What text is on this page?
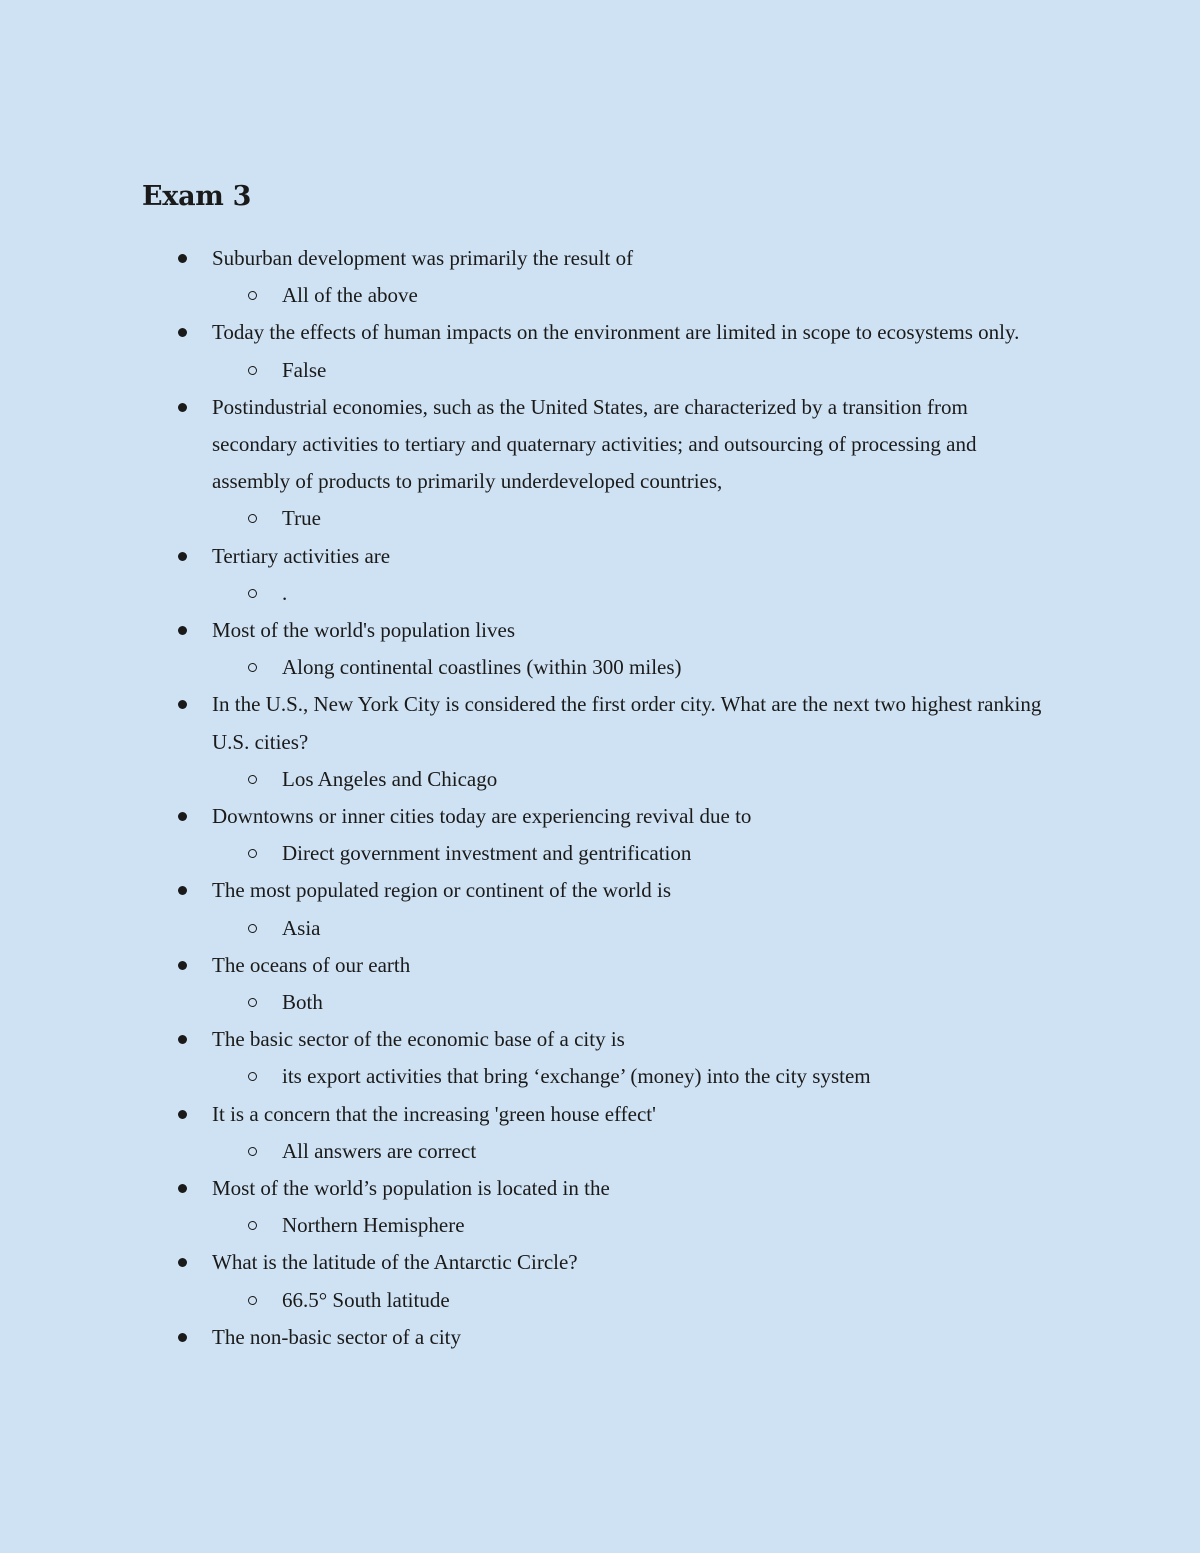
Exam 3
Suburban development was primarily the result of
All of the above
Today the effects of human impacts on the environment are limited in scope to ecosystems only.
False
Postindustrial economies, such as the United States, are characterized by a transition from secondary activities to tertiary and quaternary activities; and outsourcing of processing and assembly of products to primarily underdeveloped countries,
True
Tertiary activities are
.
Most of the world's population lives
Along continental coastlines (within 300 miles)
In the U.S., New York City is considered the first order city. What are the next two highest ranking U.S. cities?
Los Angeles and Chicago
Downtowns or inner cities today are experiencing revival due to
Direct government investment and gentrification
The most populated region or continent of the world is
Asia
The oceans of our earth
Both
The basic sector of the economic base of a city is
its export activities that bring ‘exchange’ (money) into the city system
It is a concern that the increasing 'green house effect'
All answers are correct
Most of the world’s population is located in the
Northern Hemisphere
What is the latitude of the Antarctic Circle?
66.5° South latitude
The non-basic sector of a city
